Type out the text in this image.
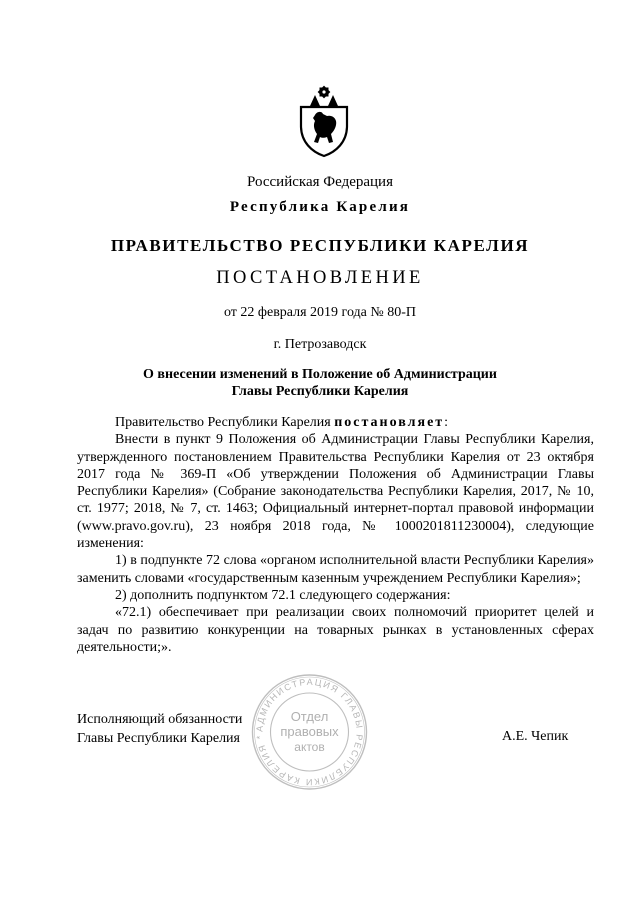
Российская Федерация
Республика Карелия
ПРАВИТЕЛЬСТВО РЕСПУБЛИКИ КАРЕЛИЯ
ПОСТАНОВЛЕНИЕ
от 22 февраля 2019 года № 80-П
г. Петрозаводск
О внесении изменений в Положение об Администрации Главы Республики Карелия

Правительство Республики Карелия постановляет:

Внести в пункт 9 Положения об Администрации Главы Республики Карелия, утвержденного постановлением Правительства Республики Карелия от 23 октября 2017 года № 369-П «Об утверждении Положения об Администрации Главы Республики Карелия» (Собрание законодательства Республики Карелия, 2017, № 10, ст. 1977; 2018, № 7, ст. 1463; Официальный интернет-портал правовой информации (www.pravo.gov.ru), 23 ноября 2018 года, № 1000201811230004), следующие изменения:

1) в подпункте 72 слова «органом исполнительной власти Республики Карелия» заменить словами «государственным казенным учреждением Республики Карелия»;

2) дополнить подпунктом 72.1 следующего содержания:

«72.1) обеспечивает при реализации своих полномочий приоритет целей и задач по развитию конкуренции на товарных рынках в установленных сферах деятельности;».

Исполняющий обязанности
Главы Республики Карелия	А.Е. Чепик
АДМИНИСТРАЦИЯ ГЛАВЫ РЕСПУБЛИКИ КАРЕЛИЯ *
Отдел
правовых
актов
